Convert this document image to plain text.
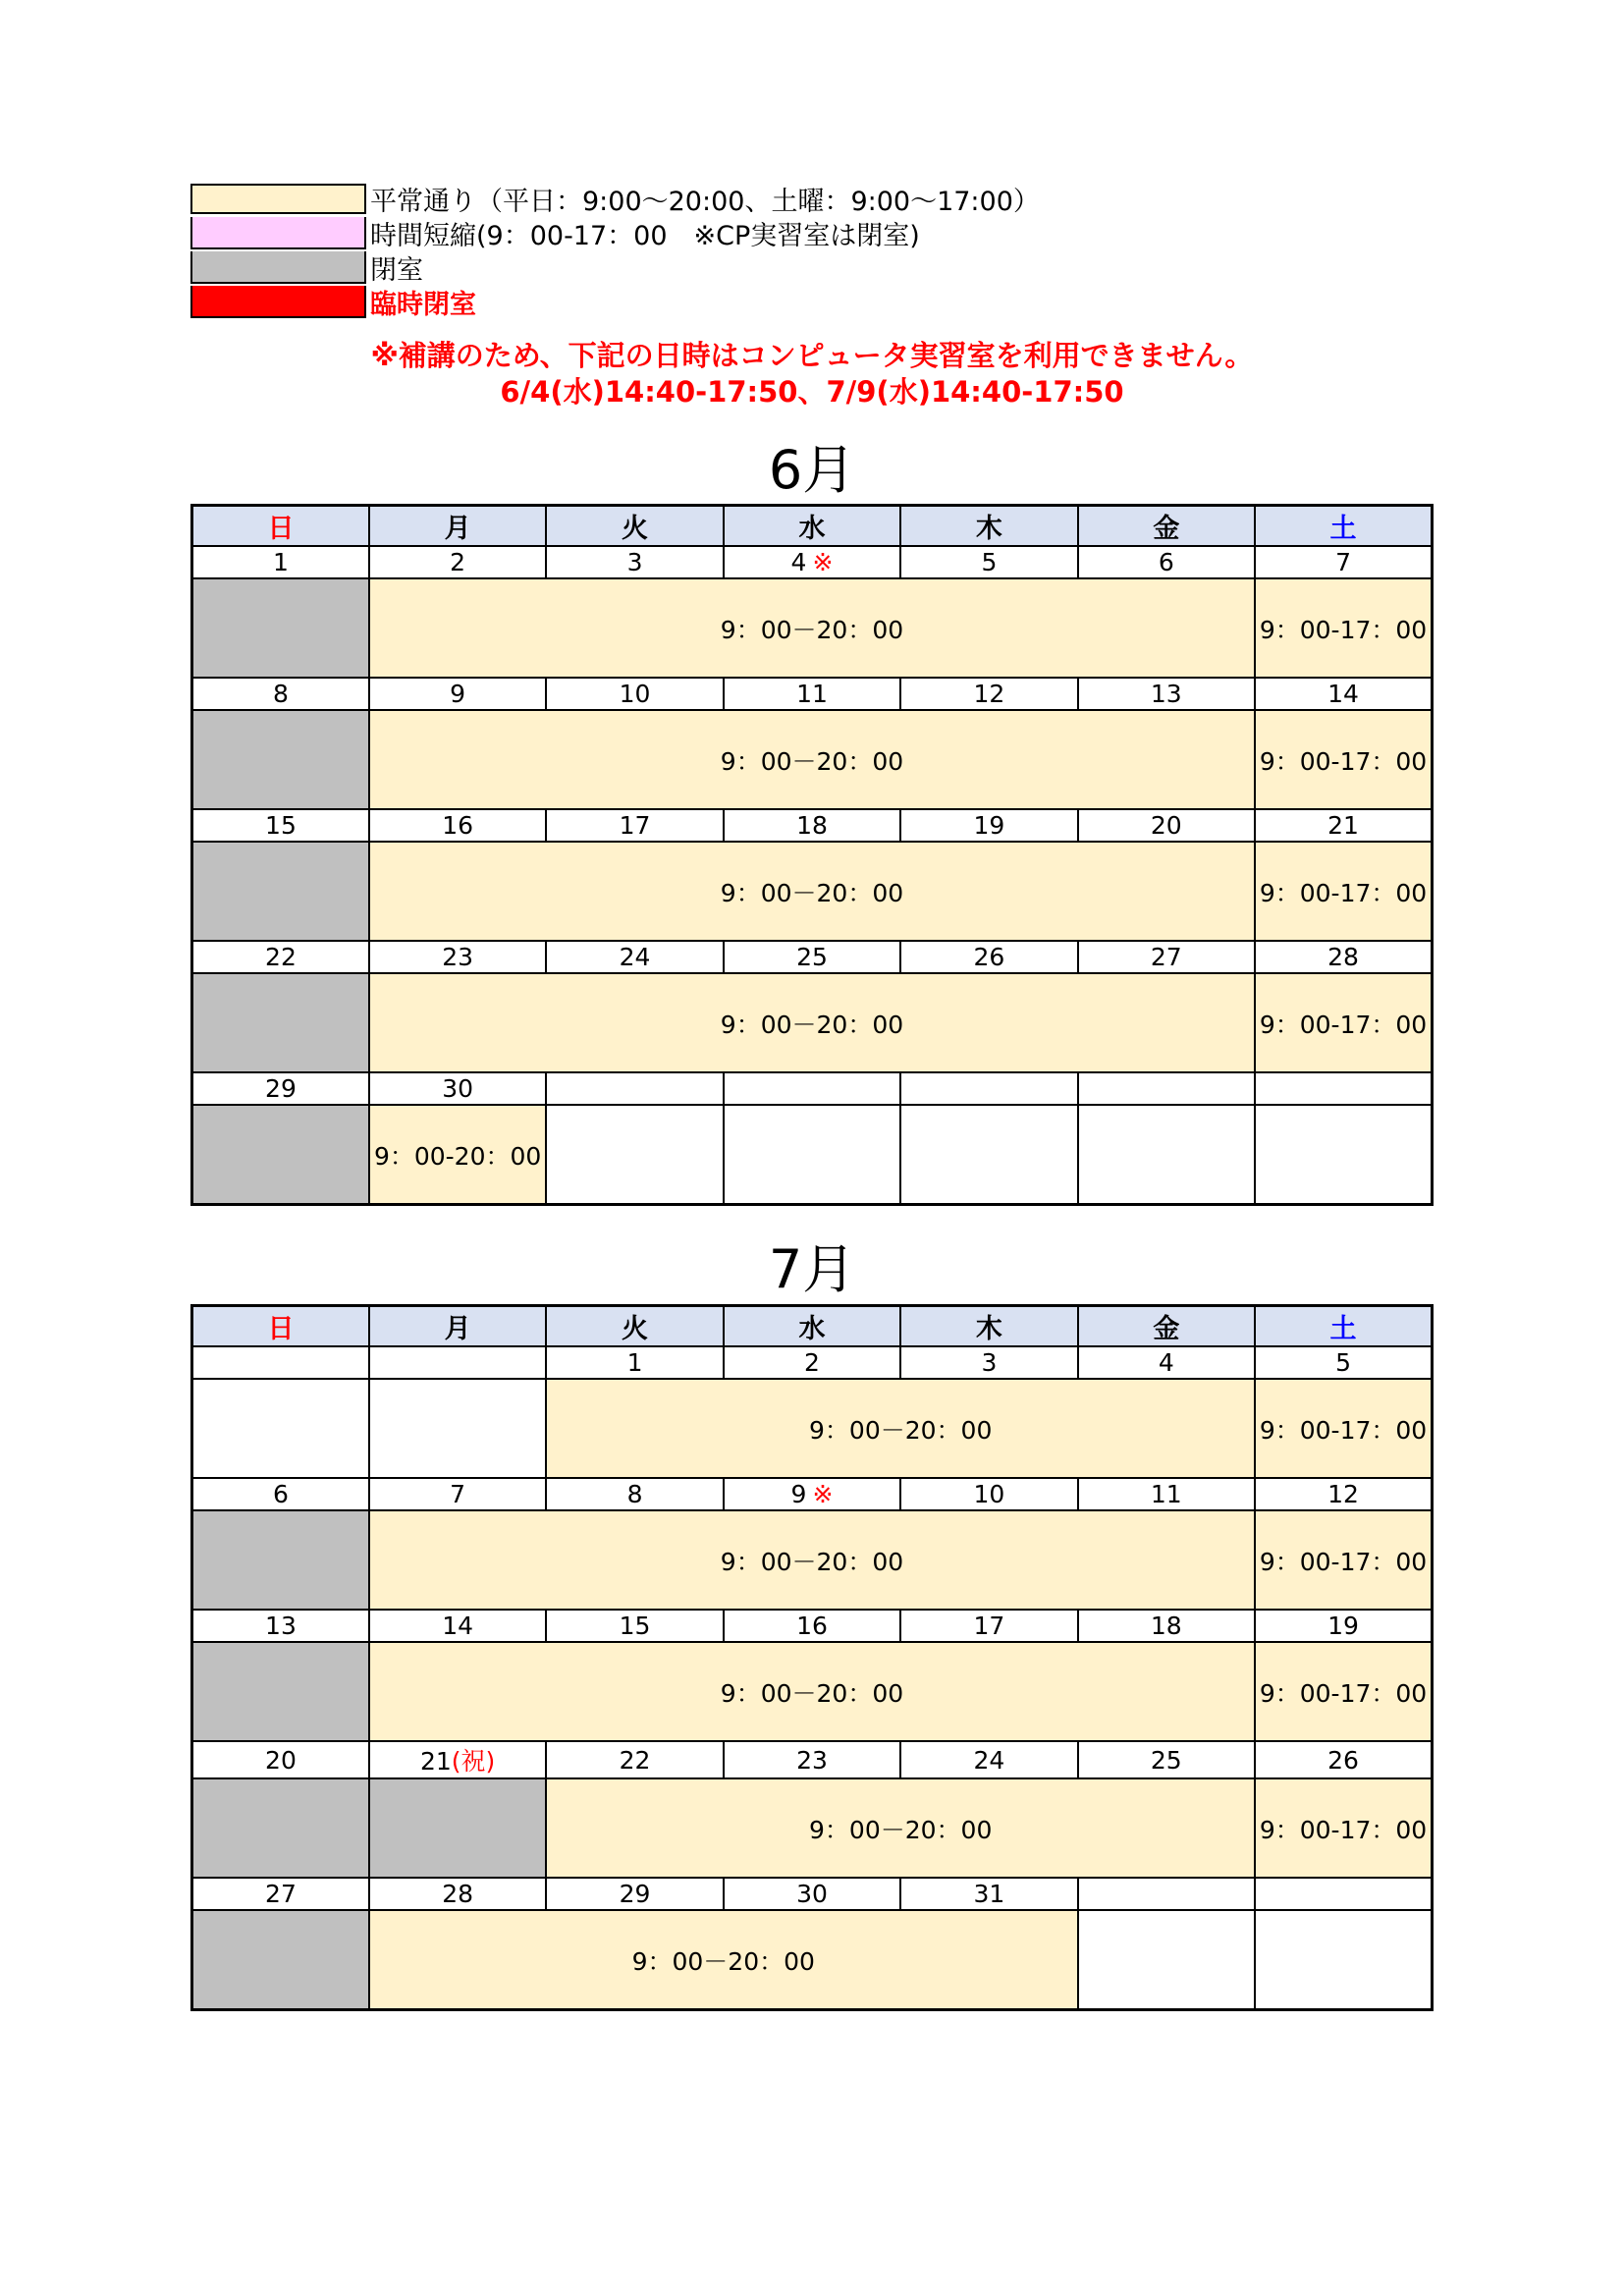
平常通り（平日：9:00～20:00、土曜：9:00～17:00）
時間短縮(9：00-17：00　※CP実習室は閉室)
閉室
臨時閉室
※補講のため、下記の日時はコンピュータ実習室を利用できません。
6/4(水)14:40-17:50、7/9(水)14:40-17:50
6月
日	月	火	水	木	金	土
1	2	3	4 ※	5	6	7
	9：00－20：00					9：00-17：00
8	9	10	11	12	13	14
	9：00－20：00					9：00-17：00
15	16	17	18	19	20	21
	9：00－20：00					9：00-17：00
22	23	24	25	26	27	28
	9：00－20：00					9：00-17：00
29	30					
	9：00-20：00					
7月
日	月	火	水	木	金	土
		1	2	3	4	5
		9：00－20：00				9：00-17：00
6	7	8	9 ※	10	11	12
	9：00－20：00					9：00-17：00
13	14	15	16	17	18	19
	9：00－20：00					9：00-17：00
20	21(祝)	22	23	24	25	26
		9：00－20：00				9：00-17：00
27	28	29	30	31		
	9：00－20：00					
